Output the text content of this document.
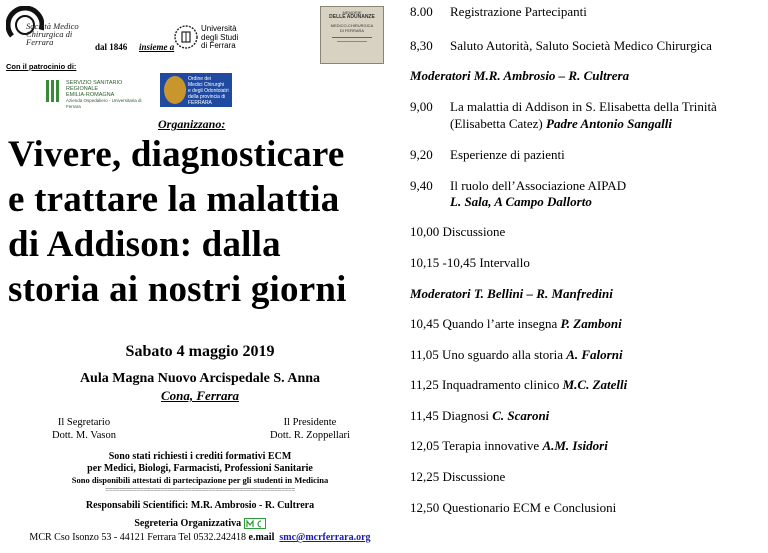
Società Medico Chirurgica di Ferrara	dal 1846 insieme a
Università
degli Studi
di Ferrara
MEMORIE
DELLE ADUNANZE
MEDICO-CHIRURGICA
DI FERRARA
Con il patrocinio di:
SERVIZIO SANITARIO REGIONALE
EMILIA-ROMAGNA
Azienda Ospedaliero - Universitaria di Ferrara
Ordine dei
Medici Chirurghi
e degli Odontoiatri
della provincia di
FERRARA
Organizzano:
Vivere, diagnosticare
e trattare la malattia
di Addison: dalla
storia ai nostri giorni
Sabato 4 maggio 2019
Aula Magna Nuovo Arcispedale S. Anna
Cona, Ferrara
Il Segretario
Dott. M. Vason
Il Presidente
Dott. R. Zoppellari
Sono stati richiesti i crediti formativi ECM
per Medici, Biologi, Farmacisti, Professioni Sanitarie
Sono disponibili attestati di partecipazione per gli studenti in Medicina
=======================================================
Responsabili Scientifici: M.R. Ambrosio - R. Cultrera
Segreteria Organizzativa
MCR Cso Isonzo 53 - 44121 Ferrara Tel 0532.242418 e.mail smc@mcrferrara.org
8.00 Registrazione Partecipanti
8,30 Saluto Autorità, Saluto Società Medico Chirurgica
Moderatori M.R. Ambrosio – R. Cultrera
9,00 La malattia di Addison in S. Elisabetta della Trinità
(Elisabetta Catez) Padre Antonio Sangalli
9,20 Esperienze di pazienti
9,40 Il ruolo dell’Associazione AIPAD
L. Sala, A Campo Dallorto
10,00 Discussione
10,15 -10,45 Intervallo
Moderatori T. Bellini – R. Manfredini
10,45 Quando l’arte insegna P. Zamboni
11,05 Uno sguardo alla storia A. Falorni
11,25 Inquadramento clinico M.C. Zatelli
11,45 Diagnosi C. Scaroni
12,05 Terapia innovative A.M. Isidori
12,25 Discussione
12,50 Questionario ECM e Conclusioni
